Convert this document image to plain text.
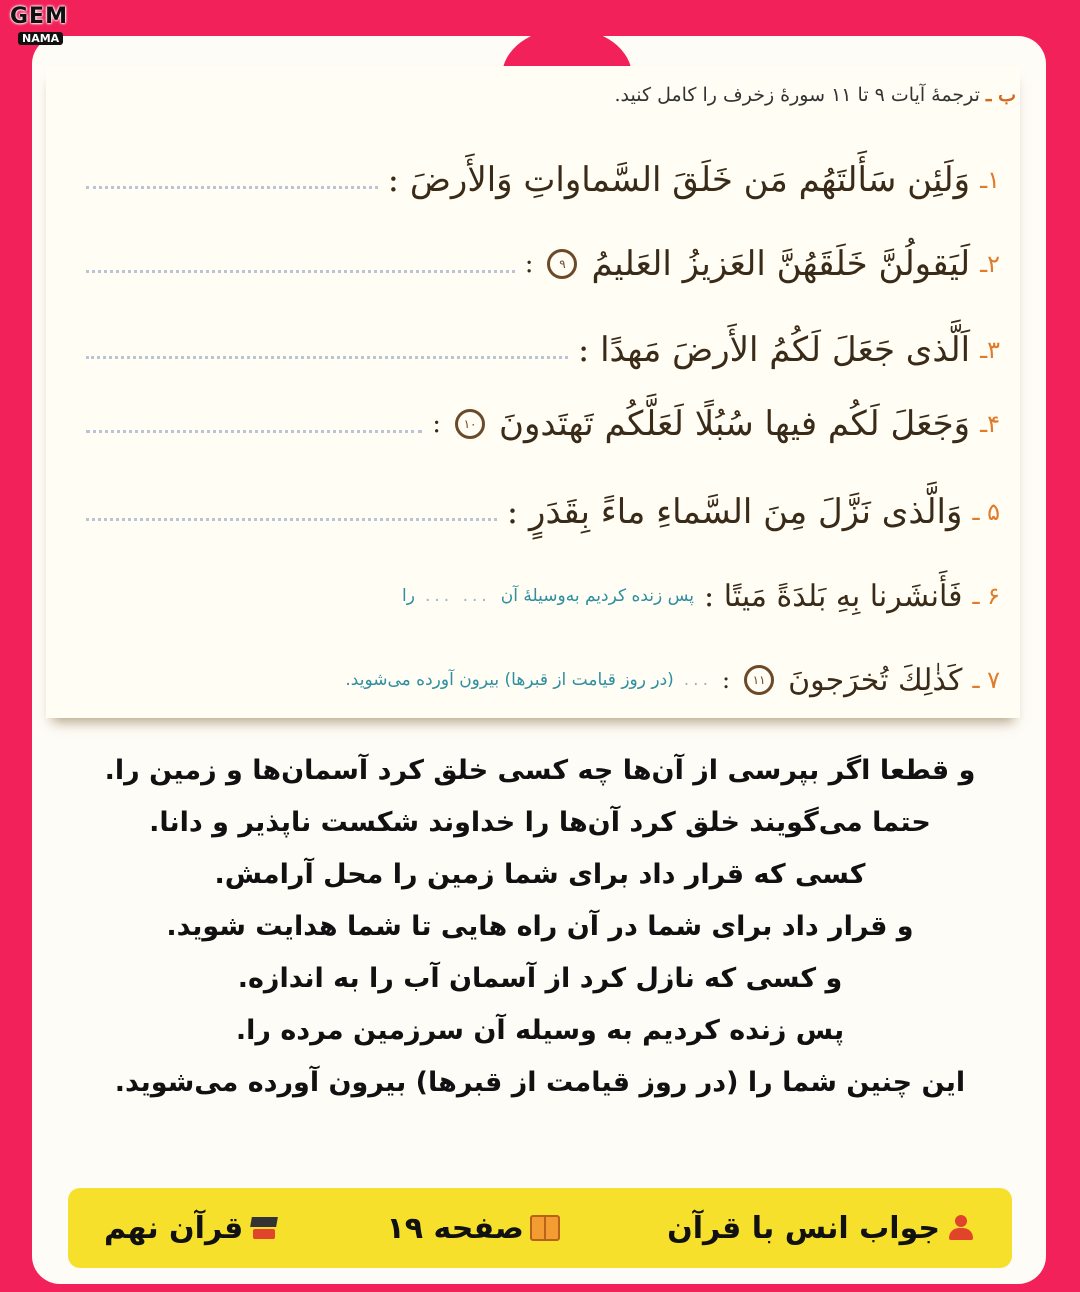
GEM
NAMA
ب ـ ترجمهٔ آیات ۹ تا ۱۱ سورهٔ زخرف را کامل کنید.
۱ـ
وَلَئِن سَأَلتَهُم مَن خَلَقَ السَّماواتِ وَالأَرضَ :
۲ـ
لَيَقولُنَّ خَلَقَهُنَّ العَزيزُ العَليمُ
۹
:
۳ـ
اَلَّذی جَعَلَ لَكُمُ الأَرضَ مَهدًا :
۴ـ
وَجَعَلَ لَكُم فيها سُبُلًا لَعَلَّكُم تَهتَدونَ
۱۰
:
۵ ـ
وَالَّذی نَزَّلَ مِنَ السَّماءِ ماءً بِقَدَرٍ :
۶ ـ
فَأَنشَرنا بِهِ بَلدَةً مَيتًا :
پس زنده کردیم به‌وسیلهٔ آن
... ...
را
۷ ـ
كَذٰلِكَ تُخرَجونَ
۱۱
:
...
(در روز قیامت از قبرها) بیرون آورده می‌شوید.
و قطعا اگر بپرسی از آن‌ها چه کسی خلق کرد آسمان‌ها و زمین را.
حتما می‌گویند خلق کرد آن‌ها را خداوند شکست ناپذیر و دانا.
کسی که قرار داد برای شما زمین را محل آرامش.
و قرار داد برای شما در آن راه هایی تا شما هدایت شوید.
و کسی که نازل کرد از آسمان آب را به اندازه.
پس زنده کردیم به وسیله آن سرزمین مرده را.
این چنین شما را (در روز قیامت از قبرها) بیرون آورده می‌شوید.
جواب انس با قرآن
صفحه ۱۹
قرآن نهم
